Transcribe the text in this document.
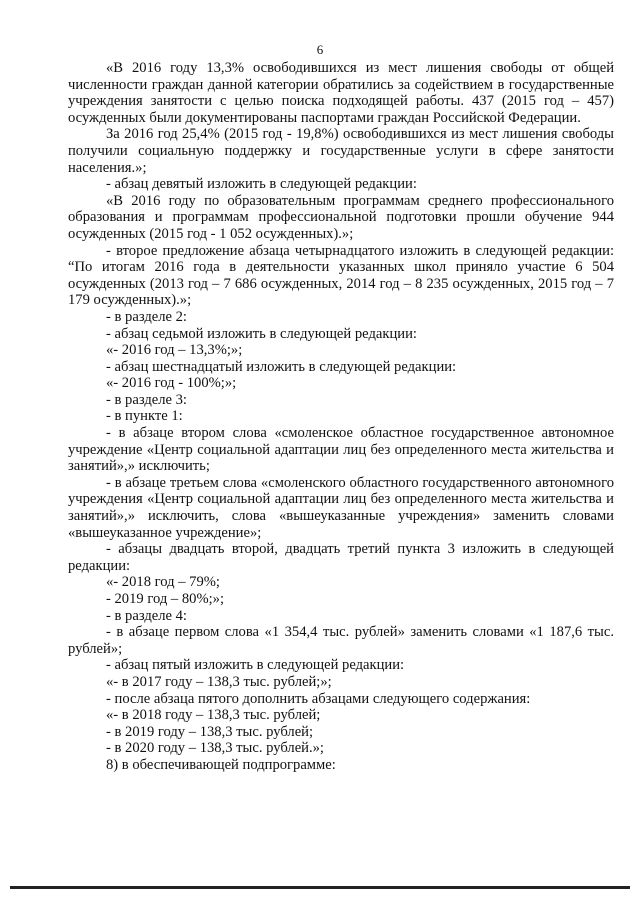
6

«В 2016 году 13,3% освободившихся из мест лишения свободы от общей численности граждан данной категории обратились за содействием в государственные учреждения занятости с целью поиска подходящей работы. 437 (2015 год – 457) осужденных были документированы паспортами граждан Российской Федерации.

За 2016 год 25,4% (2015 год - 19,8%) освободившихся из мест лишения свободы получили социальную поддержку и государственные услуги в сфере занятости населения.»;

- абзац девятый изложить в следующей редакции:

«В 2016 году по образовательным программам среднего профессионального образования и программам профессиональной подготовки прошли обучение 944 осужденных (2015 год - 1 052 осужденных).»;

- второе предложение абзаца четырнадцатого изложить в следующей редакции: “По итогам 2016 года в деятельности указанных школ приняло участие 6 504 осужденных (2013 год – 7 686 осужденных, 2014 год – 8 235 осужденных, 2015 год – 7 179 осужденных).»;

- в разделе 2:

- абзац седьмой изложить в следующей редакции:

«- 2016 год – 13,3%;»;

- абзац шестнадцатый изложить в следующей редакции:

«- 2016 год - 100%;»;

- в разделе 3:

- в пункте 1:

- в абзаце втором слова «смоленское областное государственное автономное учреждение «Центр социальной адаптации лиц без определенного места жительства и занятий»,» исключить;

- в абзаце третьем слова «смоленского областного государственного автономного учреждения «Центр социальной адаптации лиц без определенного места жительства и занятий»,» исключить, слова «вышеуказанные учреждения» заменить словами «вышеуказанное учреждение»;

- абзацы двадцать второй, двадцать третий пункта 3 изложить в следующей редакции:

«- 2018 год – 79%;

- 2019 год – 80%;»;

- в разделе 4:

- в абзаце первом слова «1 354,4 тыс. рублей» заменить словами «1 187,6 тыс. рублей»;

- абзац пятый изложить в следующей редакции:

«- в 2017 году – 138,3 тыс. рублей;»;

- после абзаца пятого дополнить абзацами следующего содержания:

«- в 2018 году – 138,3 тыс. рублей;

- в 2019 году – 138,3 тыс. рублей;

- в 2020 году – 138,3 тыс. рублей.»;

8) в обеспечивающей подпрограмме:
